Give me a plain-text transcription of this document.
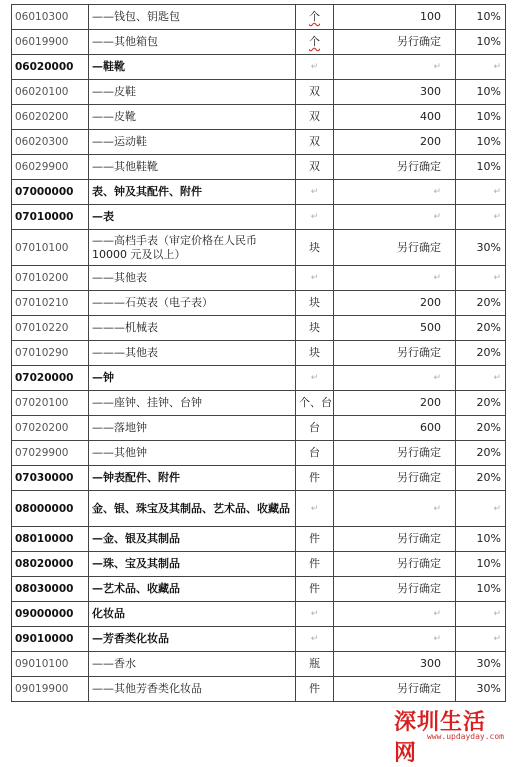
06010300	——钱包、钥匙包	个	100	10%
06019900	——其他箱包	个	另行确定	10%
06020000	—鞋靴	↵	↵	↵
06020100	——皮鞋	双	300	10%
06020200	——皮靴	双	400	10%
06020300	——运动鞋	双	200	10%
06029900	——其他鞋靴	双	另行确定	10%
07000000	表、钟及其配件、附件	↵	↵	↵
07010000	—表	↵	↵	↵
07010100	——高档手表（审定价格在人民币 10000 元及以上）	块	另行确定	30%
07010200	——其他表	↵	↵	↵
07010210	———石英表（电子表）	块	200	20%
07010220	———机械表	块	500	20%
07010290	———其他表	块	另行确定	20%
07020000	—钟	↵	↵	↵
07020100	——座钟、挂钟、台钟	个、台	200	20%
07020200	——落地钟	台	600	20%
07029900	——其他钟	台	另行确定	20%
07030000	—钟表配件、附件	件	另行确定	20%
08000000	金、银、珠宝及其制品、艺术品、收藏品	↵	↵	↵
08010000	—金、银及其制品	件	另行确定	10%
08020000	—珠、宝及其制品	件	另行确定	10%
08030000	—艺术品、收藏品	件	另行确定	10%
09000000	化妆品	↵	↵	↵
09010000	—芳香类化妆品	↵	↵	↵
09010100	——香水	瓶	300	30%
09019900	——其他芳香类化妆品	件	另行确定	30%
深圳生活网
www.updayday.com
